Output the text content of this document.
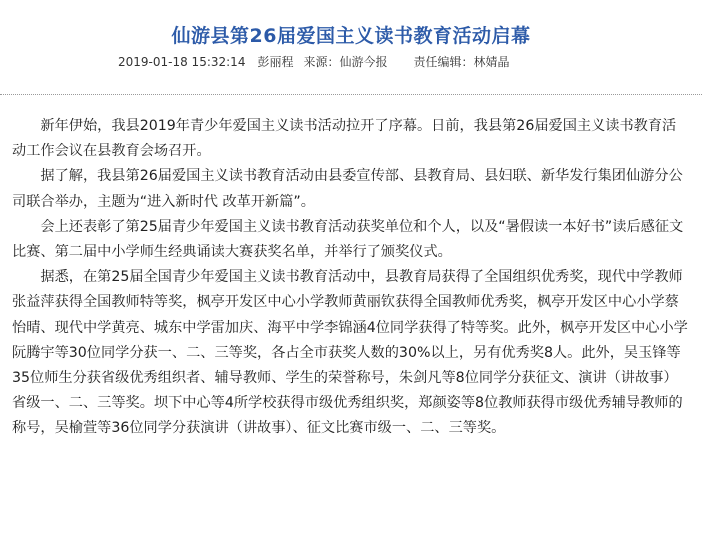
仙游县第26届爱国主义读书教育活动启幕
2019-01-18 15:32:14 彭丽程 来源：仙游今报 责任编辑：林婧晶

新年伊始，我县2019年青少年爱国主义读书活动拉开了序幕。日前，我县第26届爱国主义读书教育活动工作会议在县教育会场召开。

据了解，我县第26届爱国主义读书教育活动由县委宣传部、县教育局、县妇联、新华发行集团仙游分公司联合举办，主题为“进入新时代 改革开新篇”。

会上还表彰了第25届青少年爱国主义读书教育活动获奖单位和个人，以及“暑假读一本好书”读后感征文比赛、第二届中小学师生经典诵读大赛获奖名单，并举行了颁奖仪式。

据悉，在第25届全国青少年爱国主义读书教育活动中，县教育局获得了全国组织优秀奖，现代中学教师张益萍获得全国教师特等奖，枫亭开发区中心小学教师黄丽钦获得全国教师优秀奖，枫亭开发区中心小学蔡怡晴、现代中学黄亮、城东中学雷加庆、海平中学李锦涵4位同学获得了特等奖。此外，枫亭开发区中心小学阮腾宇等30位同学分获一、二、三等奖，各占全市获奖人数的30%以上，另有优秀奖8人。此外，吴玉锋等35位师生分获省级优秀组织者、辅导教师、学生的荣誉称号，朱剑凡等8位同学分获征文、演讲（讲故事）省级一、二、三等奖。坝下中心等4所学校获得市级优秀组织奖，郑颜姿等8位教师获得市级优秀辅导教师的称号，吴榆萱等36位同学分获演讲（讲故事）、征文比赛市级一、二、三等奖。
